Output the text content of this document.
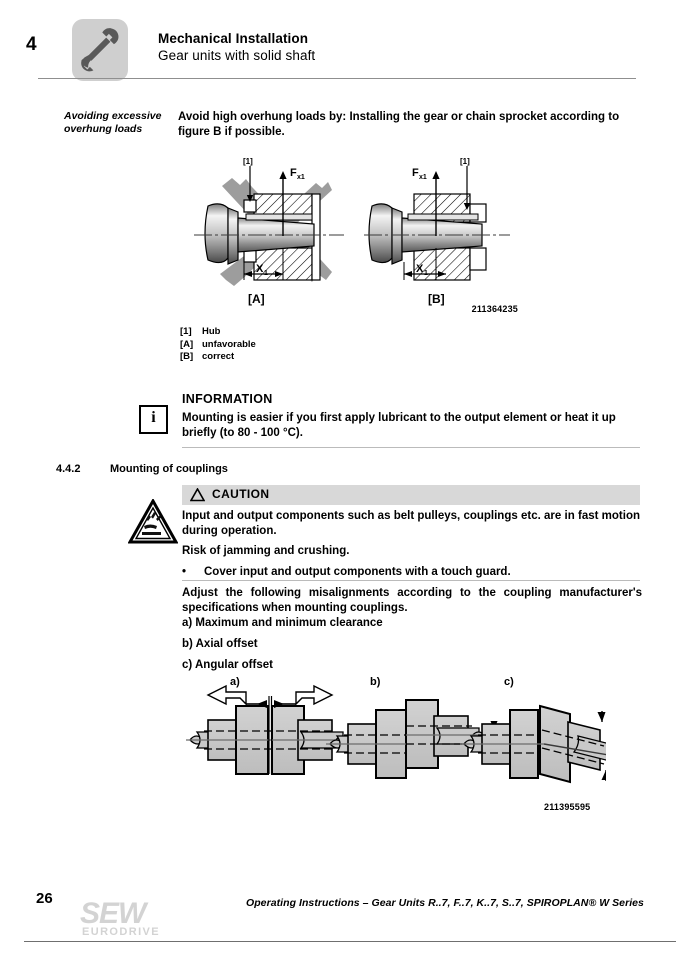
4	Mechanical Installation
Gear units with solid shaft
Avoiding excessive overhung loads
Avoid high overhung loads by: Installing the gear or chain sprocket according to figure B if possible.
[1]
F x1
X 1
[1]
F x1
X 1
[A]	[B]
211364235
[1] Hub
[A] unfavorable
[B] correct
i
INFORMATION
Mounting is easier if you first apply lubricant to the output element or heat it up briefly (to 80 - 100 °C).
4.4.2	Mounting of couplings
CAUTION
Input and output components such as belt pulleys, couplings etc. are in fast motion during operation.
Risk of jamming and crushing.
• Cover input and output components with a touch guard.
Adjust the following misalignments according to the coupling manufacturer's specifications when mounting couplings.
a) Maximum and minimum clearance
b) Axial offset
c) Angular offset
a)	b)	c)
211395595
26 SEW
EURODRIVE
Operating Instructions – Gear Units R..7, F..7, K..7, S..7, SPIROPLAN® W Series
